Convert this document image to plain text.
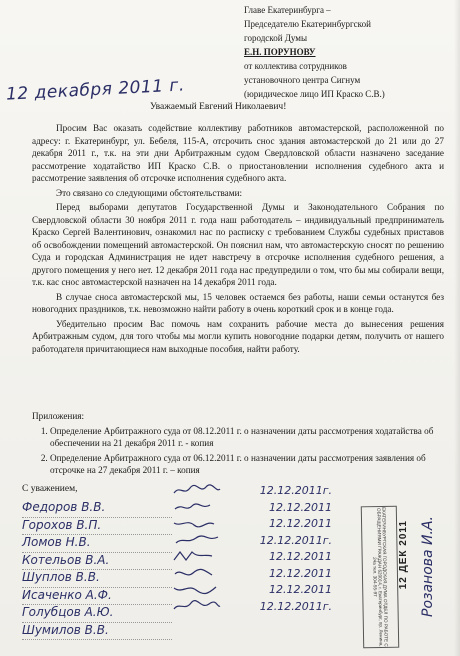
Главе Екатеринбурга –
Председателю Екатеринбургской
городской Думы
Е.Н. ПОРУНОВУ
от коллектива сотрудников
установочного центра Сигнум
(юридическое лицо ИП Краско С.В.)
12 декабря 2011 г.
Уважаемый Евгений Николаевич!

Просим Вас оказать содействие коллективу работников автомастерской, расположенной по адресу: г. Екатеринбург, ул. Бебеля, 115-А, отсрочить снос здания автомастерской до 21 или до 27 декабря 2011 г., т.к. на эти дни Арбитражным судом Свердловской области назначено заседание рассмотрение ходатайство ИП Краско С.В. о приостановлении исполнения судебного акта и рассмотрение заявления об отсрочке исполнения судебного акта.

Это связано со следующими обстоятельствами:

Перед выборами депутатов Государственной Думы и Законодательного Собрания по Свердловской области 30 ноября 2011 г. года наш работодатель – индивидуальный предприниматель Краско Сергей Валентинович, ознакомил нас по расписку с требованием Службы судебных приставов об освобождении помещений автомастерской. Он пояснил нам, что автомастерскую сносят по решению Суда и городская Администрация не идет навстречу в отсрочке исполнения судебного решения, а другого помещения у него нет. 12 декабря 2011 года нас предупредили о том, что бы мы собирали вещи, т.к. кас снос автомастерской назначен на 14 декабря 2011 года.

В случае сноса автомастерской мы, 15 человек остаемся без работы, наши семьи останутся без новогодних праздников, т.к. невозможно найти работу в очень короткий срок и в конце года.

Убедительно просим Вас помочь нам сохранить рабочие места до вынесения решения Арбитражным судом, для того чтобы мы могли купить новогодние подарки детям, получить от нашего работодателя причитающиеся нам выходные пособия, найти работу.

Приложения:
1. Определение Арбитражного суда от 08.12.2011 г. о назначении даты рассмотрения ходатайства об обеспечении на 21 декабря 2011 г. - копия
2. Определение Арбитражного суда от 06.12.2011 г. о назначении даты рассмотрения заявления об отсрочке на 27 декабря 2011 г. – копия
С уважением,
Федоров В.В.
Горохов В.П.
Ломов Н.В.
Котельов В.А.
Шуплов В.В.
Исаченко А.Ф.
Голубцов А.Ю.
Шумилов В.В.
12.12.2011г.
12.12.2011
12.12.2011
12.12.2011г.
12.12.2011
12.12.2011
12.12.2011
12.12.2011г.	ЕКАТЕРИНБУРГСКАЯ ГОРОДСКАЯ ДУМА ОТДЕЛ ПО РАБОТЕ С ОБРАЩЕНИЯМИ ГРАЖДАН 620014, г. Екатеринбург, пр. Ленина, 24а тел. 304-55-97	12 ДЕК 2011 Розанова И.А.
